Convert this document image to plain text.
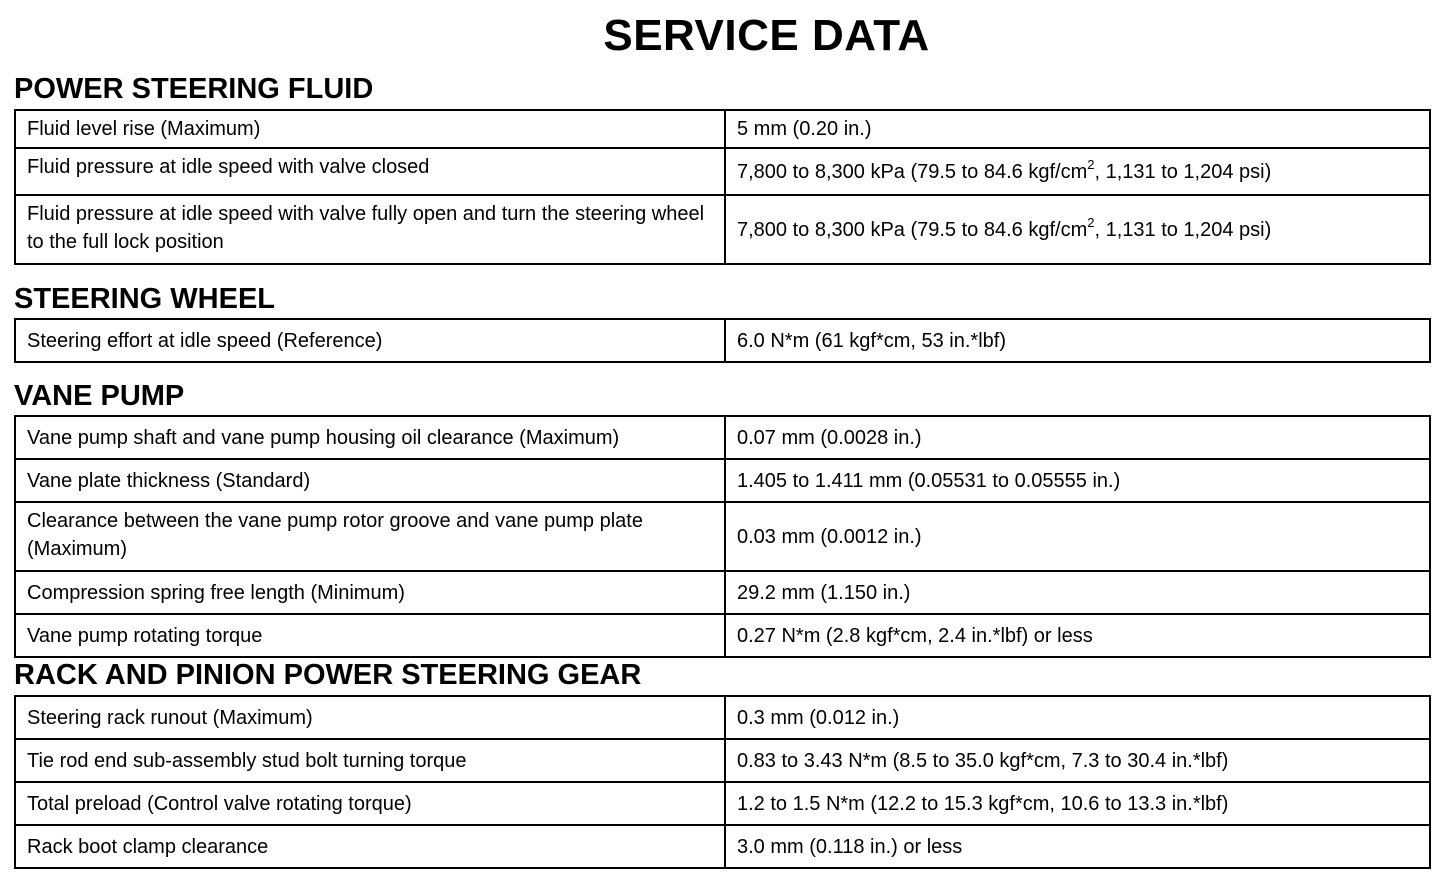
SERVICE DATA
POWER STEERING FLUID
Fluid level rise (Maximum)	5 mm (0.20 in.)
Fluid pressure at idle speed with valve closed	7,800 to 8,300 kPa (79.5 to 84.6 kgf/$cm^2$, 1,131 to 1,204 psi)
Fluid pressure at idle speed with valve fully open and turn the steering wheel to the full lock position	7,800 to 8,300 kPa (79.5 to 84.6 kgf/$cm^2$, 1,131 to 1,204 psi)
STEERING WHEEL
Steering effort at idle speed (Reference)	6.0 N*m (61 kgf*cm, 53 in.*lbf)
VANE PUMP
Vane pump shaft and vane pump housing oil clearance (Maximum)	0.07 mm (0.0028 in.)
Vane plate thickness (Standard)	1.405 to 1.411 mm (0.05531 to 0.05555 in.)
Clearance between the vane pump rotor groove and vane pump plate (Maximum)	0.03 mm (0.0012 in.)
Compression spring free length (Minimum)	29.2 mm (1.150 in.)
Vane pump rotating torque	0.27 N*m (2.8 kgf*cm, 2.4 in.*lbf) or less
RACK AND PINION POWER STEERING GEAR
Steering rack runout (Maximum)	0.3 mm (0.012 in.)
Tie rod end sub-assembly stud bolt turning torque	0.83 to 3.43 N*m (8.5 to 35.0 kgf*cm, 7.3 to 30.4 in.*lbf)
Total preload (Control valve rotating torque)	1.2 to 1.5 N*m (12.2 to 15.3 kgf*cm, 10.6 to 13.3 in.*lbf)
Rack boot clamp clearance	3.0 mm (0.118 in.) or less
